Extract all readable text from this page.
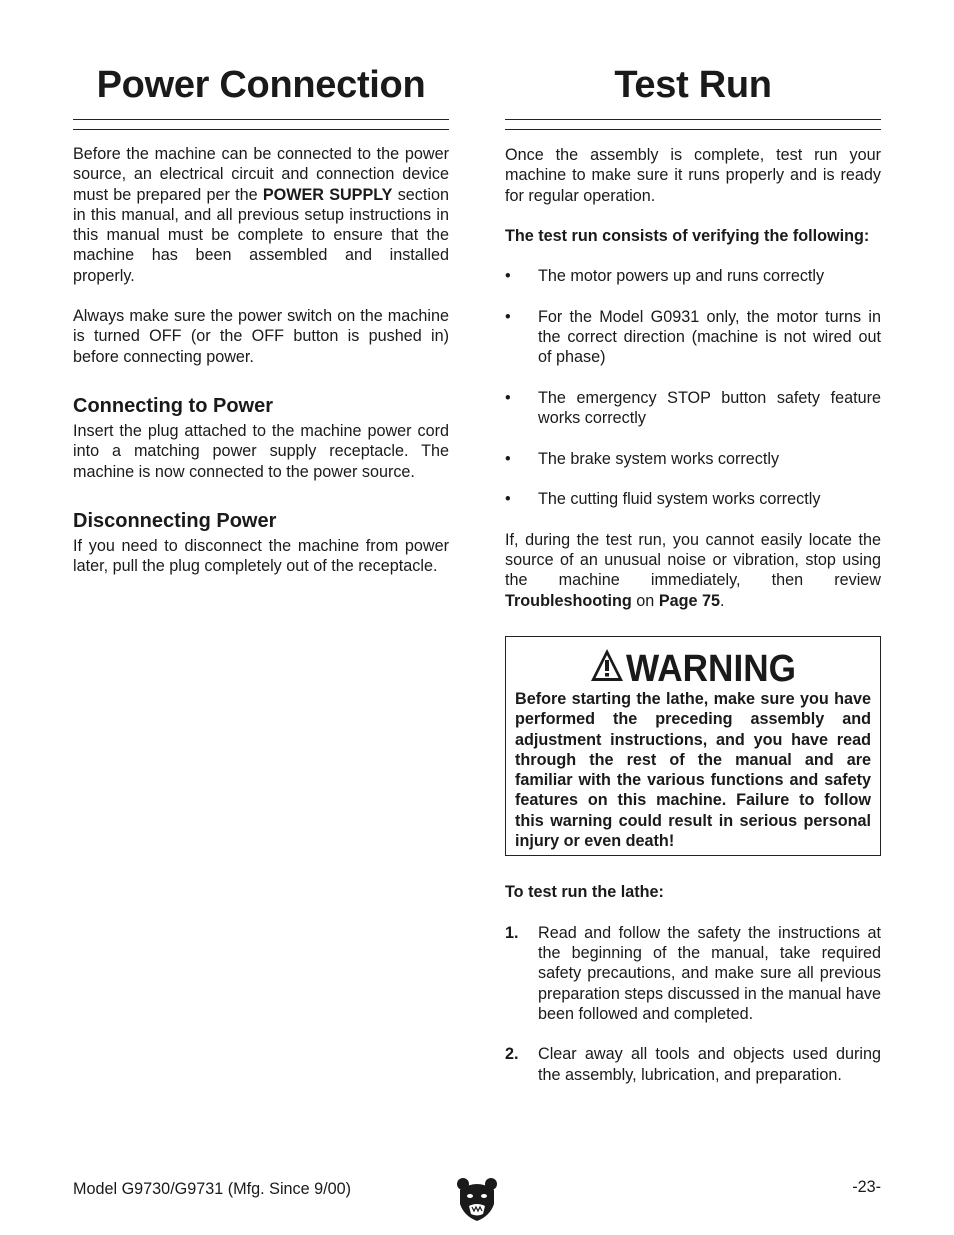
Power Connection

Before the machine can be connected to the power source, an electrical circuit and connection device must be prepared per the POWER SUPPLY section in this manual, and all previous setup instructions in this manual must be complete to ensure that the machine has been assembled and installed properly.

Always make sure the power switch on the machine is turned OFF (or the OFF button is pushed in) before connecting power.

Connecting to Power

Insert the plug attached to the machine power cord into a matching power supply receptacle. The machine is now connected to the power source.

Disconnecting Power

If you need to disconnect the machine from power later, pull the plug completely out of the receptacle.

Test Run

Once the assembly is complete, test run your machine to make sure it runs properly and is ready for regular operation.

The test run consists of verifying the following:

• The motor powers up and runs correctly
• For the Model G0931 only, the motor turns in the correct direction (machine is not wired out of phase)
• The emergency STOP button safety feature works correctly
• The brake system works correctly
• The cutting fluid system works correctly

If, during the test run, you cannot easily locate the source of an unusual noise or vibration, stop using the machine immediately, then review Troubleshooting on Page 75.

WARNING

Before starting the lathe, make sure you have performed the preceding assembly and adjustment instructions, and you have read through the rest of the manual and are familiar with the various functions and safety features on this machine. Failure to follow this warning could result in serious personal injury or even death!

To test run the lathe:

1. Read and follow the safety the instructions at the beginning of the manual, take required safety precautions, and make sure all previous preparation steps discussed in the manual have been followed and completed.
2. Clear away all tools and objects used during the assembly, lubrication, and preparation.
Model G9730/G9731 (Mfg. Since 9/00)	-23-
